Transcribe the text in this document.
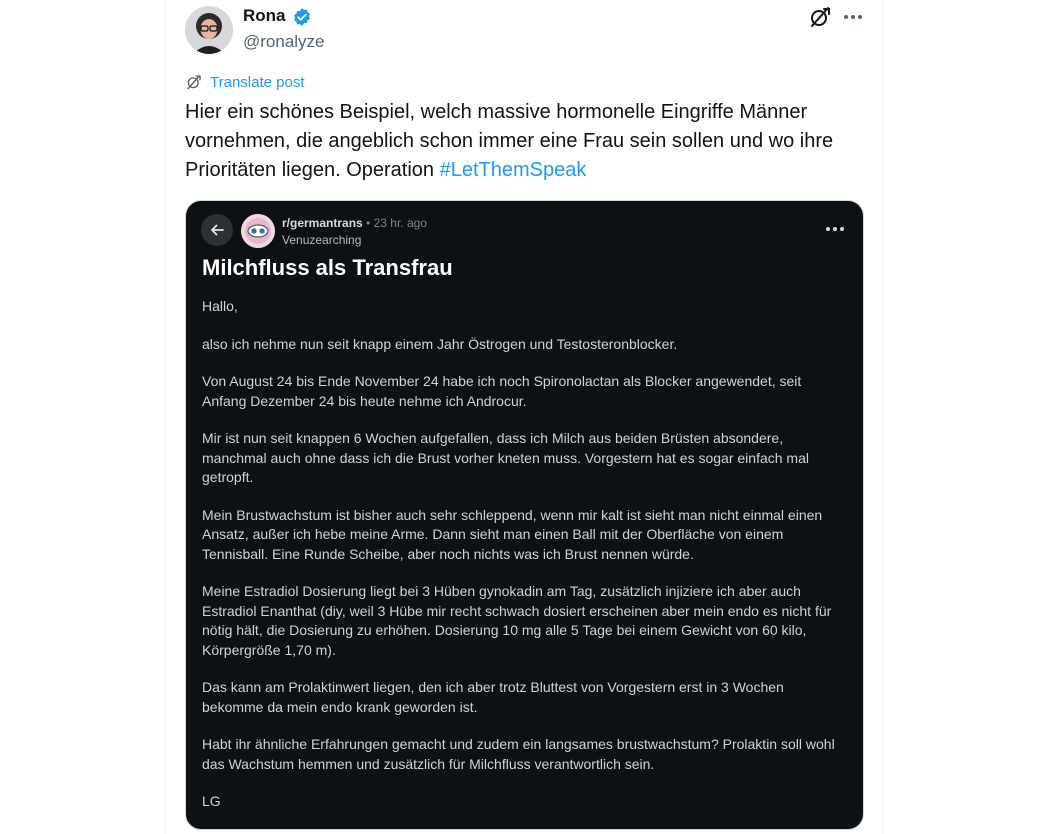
Rona
@ronalyze
Translate post
Hier ein schönes Beispiel, welch massive hormonelle Eingriffe Männer vornehmen, die angeblich schon immer eine Frau sein sollen und wo ihre Prioritäten liegen. Operation #LetThemSpeak
r/germantrans • 23 hr. ago
Venuzearching
Milchfluss als Transfrau

Hallo,

also ich nehme nun seit knapp einem Jahr Östrogen und Testosteronblocker.

Von August 24 bis Ende November 24 habe ich noch Spironolactan als Blocker angewendet, seit Anfang Dezember 24 bis heute nehme ich Androcur.

Mir ist nun seit knappen 6 Wochen aufgefallen, dass ich Milch aus beiden Brüsten absondere, manchmal auch ohne dass ich die Brust vorher kneten muss. Vorgestern hat es sogar einfach mal getropft.

Mein Brustwachstum ist bisher auch sehr schleppend, wenn mir kalt ist sieht man nicht einmal einen Ansatz, außer ich hebe meine Arme. Dann sieht man einen Ball mit der Oberfläche von einem Tennisball. Eine Runde Scheibe, aber noch nichts was ich Brust nennen würde.

Meine Estradiol Dosierung liegt bei 3 Hüben gynokadin am Tag, zusätzlich injiziere ich aber auch Estradiol Enanthat (diy, weil 3 Hübe mir recht schwach dosiert erscheinen aber mein endo es nicht für nötig hält, die Dosierung zu erhöhen. Dosierung 10 mg alle 5 Tage bei einem Gewicht von 60 kilo, Körpergröße 1,70 m).

Das kann am Prolaktinwert liegen, den ich aber trotz Bluttest von Vorgestern erst in 3 Wochen bekomme da mein endo krank geworden ist.

Habt ihr ähnliche Erfahrungen gemacht und zudem ein langsames brustwachstum? Prolaktin soll wohl das Wachstum hemmen und zusätzlich für Milchfluss verantwortlich sein.

LG
